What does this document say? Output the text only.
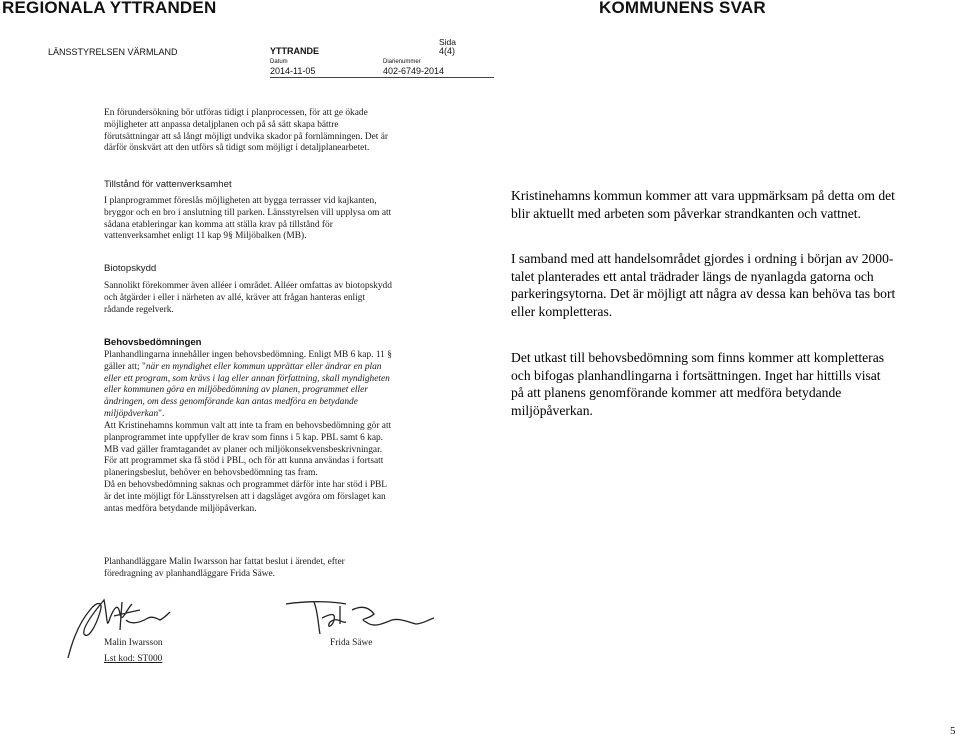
REGIONALA YTTRANDEN	KOMMUNENS SVAR
LÄNSSTYRELSEN VÄRMLAND	YTTRANDE
Sida
4(4)
Datum
2014-11-05
Diarienummer
402-6749-2014
En förundersökning bör utföras tidigt i planprocessen, för att ge ökade
möjligheter att anpassa detaljplanen och på så sätt skapa bättre
förutsättningar att så långt möjligt undvika skador på fornlämningen. Det är
därför önskvärt att den utförs så tidigt som möjligt i detaljplanearbetet.
Tillstånd för vattenverksamhet
I planprogrammet föreslås möjligheten att bygga terrasser vid kajkanten,
bryggor och en bro i anslutning till parken. Länsstyrelsen vill upplysa om att
sådana etableringar kan komma att ställa krav på tillstånd för
vattenverksamhet enligt 11 kap 9§ Miljöbalken (MB).
Biotopskydd
Sannolikt förekommer även alléer i området. Alléer omfattas av biotopskydd
och åtgärder i eller i närheten av allé, kräver att frågan hanteras enligt
rådande regelverk.
Behovsbedömningen
Planhandlingarna innehåller ingen behovsbedömning. Enligt MB 6 kap. 11 §
gäller att; "när en myndighet eller kommun upprättar eller ändrar en plan
eller ett program, som krävs i lag eller annan författning, skall myndigheten
eller kommunen göra en miljöbedömning av planen, programmet eller
ändringen, om dess genomförande kan antas medföra en betydande
miljöpåverkan".
Att Kristinehamns kommun valt att inte ta fram en behovsbedömning gör att
planprogrammet inte uppfyller de krav som finns i 5 kap. PBL samt 6 kap.
MB vad gäller framtagandet av planer och miljökonsekvensbeskrivningar.
För att programmet ska få stöd i PBL, och för att kunna användas i fortsatt
planeringsbeslut, behöver en behovsbedömning tas fram.
Då en behovsbedömning saknas och programmet därför inte har stöd i PBL
är det inte möjligt för Länsstyrelsen att i dagsläget avgöra om förslaget kan
antas medföra betydande miljöpåverkan.
Planhandläggare Malin Iwarsson har fattat beslut i ärendet, efter
föredragning av planhandläggare Frida Säwe.
Malin Iwarsson
Lst kod: ST000
Frida Säwe
Kristinehamns kommun kommer att vara uppmärksam på detta om det
blir aktuellt med arbeten som påverkar strandkanten och vattnet.
I samband med att handelsområdet gjordes i ordning i början av 2000-
talet planterades ett antal trädrader längs de nyanlagda gatorna och
parkeringsytorna. Det är möjligt att några av dessa kan behöva tas bort
eller kompletteras.
Det utkast till behovsbedömning som finns kommer att kompletteras
och bifogas planhandlingarna i fortsättningen. Inget har hittills visat
på att planens genomförande kommer att medföra betydande
miljöpåverkan.
5
